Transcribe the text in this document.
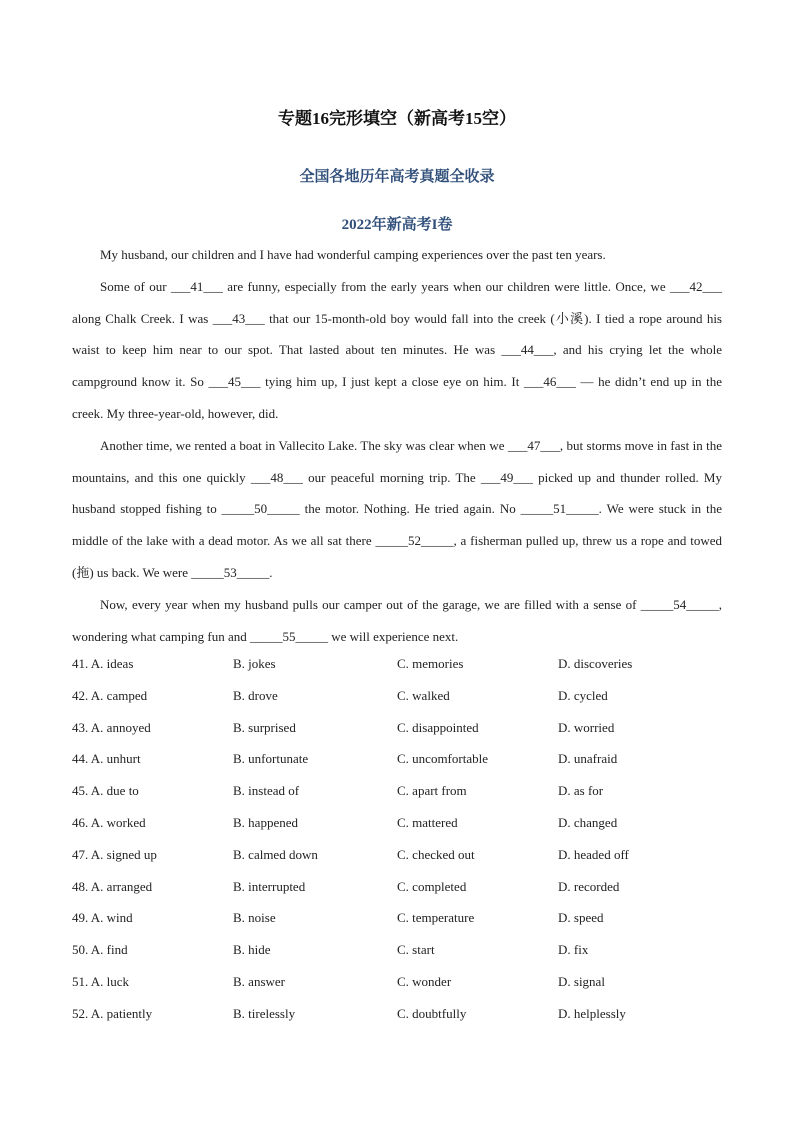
专题16完形填空（新高考15空）
全国各地历年高考真题全收录
2022年新高考I卷

My husband, our children and I have had wonderful camping experiences over the past ten years.

Some of our ___41___ are funny, especially from the early years when our children were little. Once, we ___42___ along Chalk Creek. I was ___43___ that our 15-month-old boy would fall into the creek (小溪). I tied a rope around his waist to keep him near to our spot. That lasted about ten minutes. He was ___44___, and his crying let the whole campground know it. So ___45___ tying him up, I just kept a close eye on him. It ___46___ — he didn’t end up in the creek. My three-year-old, however, did.

Another time, we rented a boat in Vallecito Lake. The sky was clear when we ___47___, but storms move in fast in the mountains, and this one quickly ___48___ our peaceful morning trip. The ___49___ picked up and thunder rolled. My husband stopped fishing to _____50_____ the motor. Nothing. He tried again. No _____51_____. We were stuck in the middle of the lake with a dead motor. As we all sat there _____52_____, a fisherman pulled up, threw us a rope and towed (拖) us back. We were _____53_____.

Now, every year when my husband pulls our camper out of the garage, we are filled with a sense of _____54_____, wondering what camping fun and _____55_____ we will experience next.

41. A. ideas	B. jokes	C. memories	D. discoveries
42. A. camped	B. drove	C. walked	D. cycled
43. A. annoyed	B. surprised	C. disappointed	D. worried
44. A. unhurt	B. unfortunate	C. uncomfortable	D. unafraid
45. A. due to	B. instead of	C. apart from	D. as for
46. A. worked	B. happened	C. mattered	D. changed
47. A. signed up	B. calmed down	C. checked out	D. headed off
48. A. arranged	B. interrupted	C. completed	D. recorded
49. A. wind	B. noise	C. temperature	D. speed
50. A. find	B. hide	C. start	D. fix
51. A. luck	B. answer	C. wonder	D. signal
52. A. patiently	B. tirelessly	C. doubtfully	D. helplessly
